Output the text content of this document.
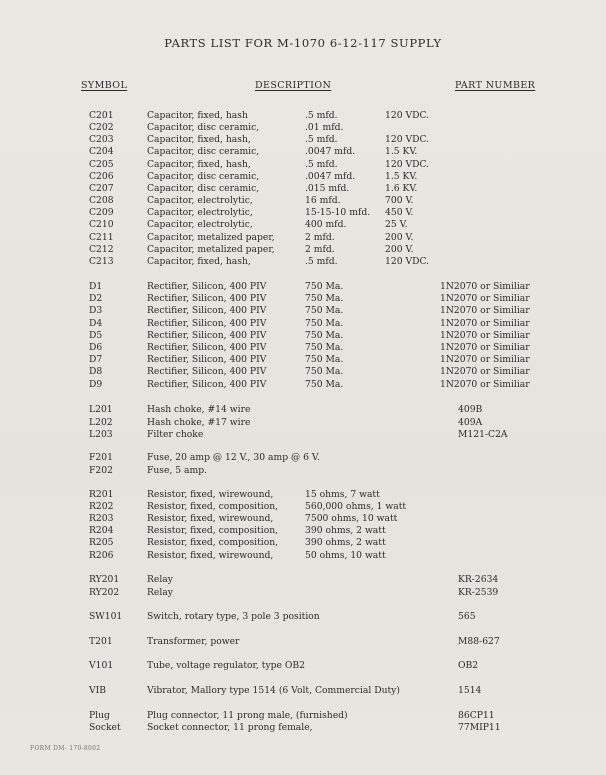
PARTS LIST FOR M-1070 6-12-117 SUPPLY
SYMBOL	DESCRIPTION	PART NUMBER
C201	Capacitor, fixed, hash	.5 mfd.	120 VDC.
C202	Capacitor, disc ceramic,	.01 mfd.
C203	Capacitor, fixed, hash,	.5 mfd.	120 VDC.
C204	Capacitor, disc ceramic,	.0047 mfd.	1.5 KV.
C205	Capacitor, fixed, hash,	.5 mfd.	120 VDC.
C206	Capacitor, disc ceramic,	.0047 mfd.	1.5 KV.
C207	Capacitor, disc ceramic,	.015 mfd.	1.6 KV.
C208	Capacitor, electrolytic,	16 mfd.	700 V.
C209	Capacitor, electrolytic,	15-15-10 mfd. 450 V.
C210	Capacitor, electrolytic,	400 mfd.	25 V.
C211	Capacitor, metalized paper,	2 mfd.	200 V.
C212	Capacitor, metalized paper,	2 mfd.	200 V.
C213	Capacitor, fixed, hash,	.5 mfd.	120 VDC.
D1	Rectifier, Silicon, 400 PIV	750 Ma.	1N2070 or Similiar
D2	Rectifier, Silicon, 400 PIV	750 Ma.	1N2070 or Similiar
D3	Rectifier, Silicon, 400 PIV	750 Ma.	1N2070 or Similiar
D4	Rectifier, Silicon, 400 PIV	750 Ma.	1N2070 or Similiar
D5	Rectifier, Silicon, 400 PIV	750 Ma.	1N2070 or Similiar
D6	Rectifier, Silicon, 400 PIV	750 Ma.	1N2070 or Similiar
D7	Rectifier, Silicon, 400 PIV	750 Ma.	1N2070 or Similiar
D8	Rectifier, Silicon, 400 PIV	750 Ma.	1N2070 or Similiar
D9	Rectifier, Silicon, 400 PIV	750 Ma.	1N2070 or Similiar
L201	Hash choke, #14 wire	409B
L202	Hash choke, #17 wire	409A
L203	Filter choke	M121-C2A
F201	Fuse, 20 amp @ 12 V., 30 amp @ 6 V.
F202	Fuse, 5 amp.
R201	Resistor, fixed, wirewound,	15 ohms, 7 watt
R202	Resistor, fixed, composition,	560,000 ohms, 1 watt
R203	Resistor, fixed, wirewound,	7500 ohms, 10 watt
R204	Resistor, fixed, composition,	390 ohms, 2 watt
R205	Resistor, fixed, composition,	390 ohms, 2 watt
R206	Resistor, fixed, wirewound,	50 ohms, 10 watt
RY201	Relay	KR-2634
RY202	Relay	KR-2539
SW101	Switch, rotary type, 3 pole 3 position	565
T201	Transformer, power	M88-627
V101	Tube, voltage regulator, type OB2	OB2
VIB	Vibrator, Mallory type 1514 (6 Volt, Commercial Duty)	1514
Plug	Plug connector, 11 prong male, (furnished)	86CP11
Socket	Socket connector, 11 prong female,	77MIP11
FORM DM- 170-8002
